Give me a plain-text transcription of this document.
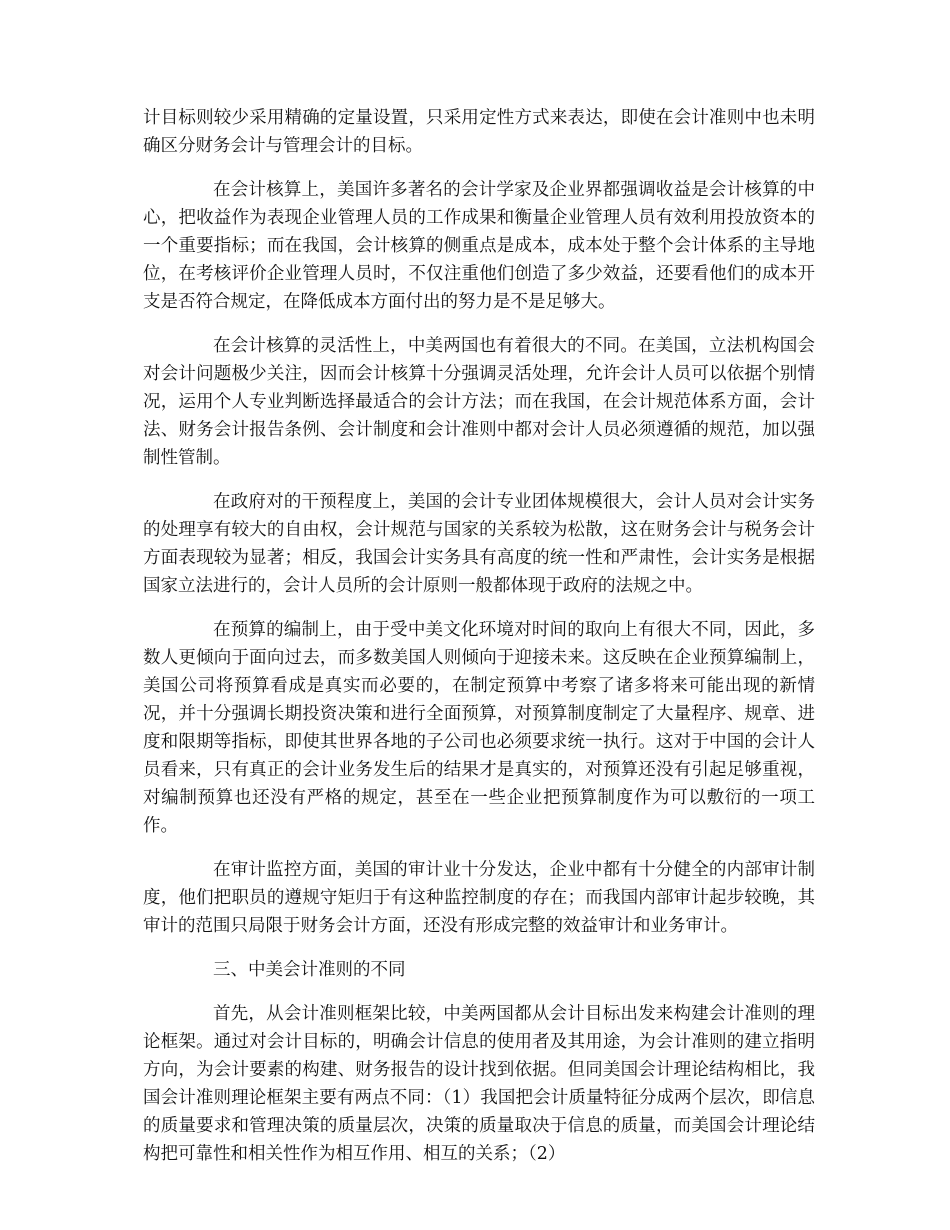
计目标则较少采用精确的定量设置，只采用定性方式来表达，即使在会计准则中也未明确区分财务会计与管理会计的目标。

在会计核算上，美国许多著名的会计学家及企业界都强调收益是会计核算的中心，把收益作为表现企业管理人员的工作成果和衡量企业管理人员有效利用投放资本的一个重要指标；而在我国，会计核算的侧重点是成本，成本处于整个会计体系的主导地位，在考核评价企业管理人员时，不仅注重他们创造了多少效益，还要看他们的成本开支是否符合规定，在降低成本方面付出的努力是不是足够大。

在会计核算的灵活性上，中美两国也有着很大的不同。在美国，立法机构国会对会计问题极少关注，因而会计核算十分强调灵活处理，允许会计人员可以依据个别情况，运用个人专业判断选择最适合的会计方法；而在我国，在会计规范体系方面，会计法、财务会计报告条例、会计制度和会计准则中都对会计人员必须遵循的规范，加以强制性管制。

在政府对的干预程度上，美国的会计专业团体规模很大，会计人员对会计实务的处理享有较大的自由权，会计规范与国家的关系较为松散，这在财务会计与税务会计方面表现较为显著；相反，我国会计实务具有高度的统一性和严肃性，会计实务是根据国家立法进行的，会计人员所的会计原则一般都体现于政府的法规之中。

在预算的编制上，由于受中美文化环境对时间的取向上有很大不同，因此，多数人更倾向于面向过去，而多数美国人则倾向于迎接未来。这反映在企业预算编制上，美国公司将预算看成是真实而必要的，在制定预算中考察了诸多将来可能出现的新情况，并十分强调长期投资决策和进行全面预算，对预算制度制定了大量程序、规章、进度和限期等指标，即使其世界各地的子公司也必须要求统一执行。这对于中国的会计人员看来，只有真正的会计业务发生后的结果才是真实的，对预算还没有引起足够重视，对编制预算也还没有严格的规定，甚至在一些企业把预算制度作为可以敷衍的一项工作。

在审计监控方面，美国的审计业十分发达，企业中都有十分健全的内部审计制度，他们把职员的遵规守矩归于有这种监控制度的存在；而我国内部审计起步较晚，其审计的范围只局限于财务会计方面，还没有形成完整的效益审计和业务审计。

三、中美会计准则的不同

首先，从会计准则框架比较，中美两国都从会计目标出发来构建会计准则的理论框架。通过对会计目标的，明确会计信息的使用者及其用途，为会计准则的建立指明方向，为会计要素的构建、财务报告的设计找到依据。但同美国会计理论结构相比，我国会计准则理论框架主要有两点不同：（1）我国把会计质量特征分成两个层次，即信息的质量要求和管理决策的质量层次，决策的质量取决于信息的质量，而美国会计理论结构把可靠性和相关性作为相互作用、相互的关系；（2）
